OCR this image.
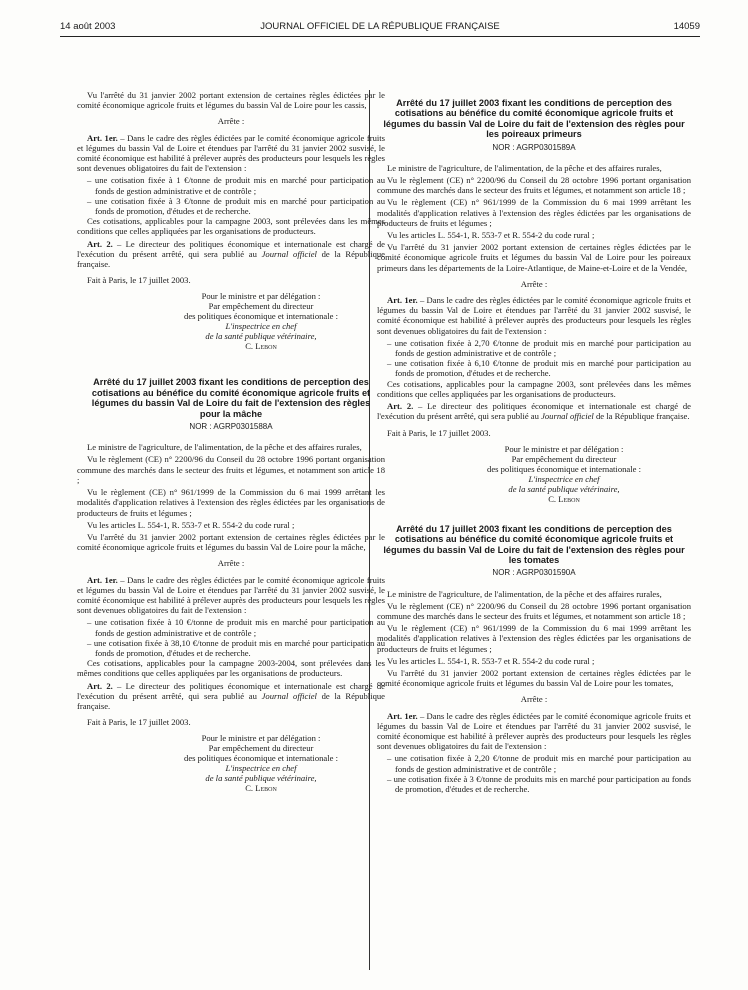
14 août 2003	JOURNAL OFFICIEL DE LA RÉPUBLIQUE FRANÇAISE	14059

Vu l'arrêté du 31 janvier 2002 portant extension de certaines règles édictées par le comité économique agricole fruits et légumes du bassin Val de Loire pour les cassis,

Arrête :

Art. 1er. – Dans le cadre des règles édictées par le comité économique agricole fruits et légumes du bassin Val de Loire et étendues par l'arrêté du 31 janvier 2002 susvisé, le comité économique est habilité à prélever auprès des producteurs pour lesquels les règles sont devenues obligatoires du fait de l'extension :

– une cotisation fixée à 1 €/tonne de produit mis en marché pour participation au fonds de gestion administrative et de contrôle ;

– une cotisation fixée à 3 €/tonne de produit mis en marché pour participation au fonds de promotion, d'études et de recherche.

Ces cotisations, applicables pour la campagne 2003, sont prélevées dans les mêmes conditions que celles appliquées par les organisations de producteurs.

Art. 2. – Le directeur des politiques économique et internationale est chargé de l'exécution du présent arrêté, qui sera publié au Journal officiel de la République française.

Fait à Paris, le 17 juillet 2003.

Pour le ministre et par délégation :
Par empêchement du directeur
des politiques économique et internationale :
L'inspectrice en chef
de la santé publique vétérinaire,
C. Lebon
Arrêté du 17 juillet 2003 fixant les conditions de perception des cotisations au bénéfice du comité économique agricole fruits et légumes du bassin Val de Loire du fait de l'extension des règles pour la mâche
NOR : AGRP0301588A

Le ministre de l'agriculture, de l'alimentation, de la pêche et des affaires rurales,

Vu le règlement (CE) n° 2200/96 du Conseil du 28 octobre 1996 portant organisation commune des marchés dans le secteur des fruits et légumes, et notamment son article 18 ;

Vu le règlement (CE) n° 961/1999 de la Commission du 6 mai 1999 arrêtant les modalités d'application relatives à l'extension des règles édictées par les organisations de producteurs de fruits et légumes ;

Vu les articles L. 554-1, R. 553-7 et R. 554-2 du code rural ;

Vu l'arrêté du 31 janvier 2002 portant extension de certaines règles édictées par le comité économique agricole fruits et légumes du bassin Val de Loire pour la mâche,

Arrête :

Art. 1er. – Dans le cadre des règles édictées par le comité économique agricole fruits et légumes du bassin Val de Loire et étendues par l'arrêté du 31 janvier 2002 susvisé, le comité économique est habilité à prélever auprès des producteurs pour lesquels les règles sont devenues obligatoires du fait de l'extension :

– une cotisation fixée à 10 €/tonne de produit mis en marché pour participation au fonds de gestion administrative et de contrôle ;

– une cotisation fixée à 38,10 €/tonne de produit mis en marché pour participation au fonds de promotion, d'études et de recherche.

Ces cotisations, applicables pour la campagne 2003-2004, sont prélevées dans les mêmes conditions que celles appliquées par les organisations de producteurs.

Art. 2. – Le directeur des politiques économique et internationale est chargé de l'exécution du présent arrêté, qui sera publié au Journal officiel de la République française.

Fait à Paris, le 17 juillet 2003.

Pour le ministre et par délégation :
Par empêchement du directeur
des politiques économique et internationale :
L'inspectrice en chef
de la santé publique vétérinaire,
C. Lebon
Arrêté du 17 juillet 2003 fixant les conditions de perception des cotisations au bénéfice du comité économique agricole fruits et légumes du bassin Val de Loire du fait de l'extension des règles pour les poireaux primeurs
NOR : AGRP0301589A

Le ministre de l'agriculture, de l'alimentation, de la pêche et des affaires rurales,

Vu le règlement (CE) n° 2200/96 du Conseil du 28 octobre 1996 portant organisation commune des marchés dans le secteur des fruits et légumes, et notamment son article 18 ;

Vu le règlement (CE) n° 961/1999 de la Commission du 6 mai 1999 arrêtant les modalités d'application relatives à l'extension des règles édictées par les organisations de producteurs de fruits et légumes ;

Vu les articles L. 554-1, R. 553-7 et R. 554-2 du code rural ;

Vu l'arrêté du 31 janvier 2002 portant extension de certaines règles édictées par le comité économique agricole fruits et légumes du bassin Val de Loire pour les poireaux primeurs dans les départements de la Loire-Atlantique, de Maine-et-Loire et de la Vendée,

Arrête :

Art. 1er. – Dans le cadre des règles édictées par le comité économique agricole fruits et légumes du bassin Val de Loire et étendues par l'arrêté du 31 janvier 2002 susvisé, le comité économique est habilité à prélever auprès des producteurs pour lesquels les règles sont devenues obligatoires du fait de l'extension :

– une cotisation fixée à 2,70 €/tonne de produit mis en marché pour participation au fonds de gestion administrative et de contrôle ;

– une cotisation fixée à 6,10 €/tonne de produit mis en marché pour participation au fonds de promotion, d'études et de recherche.

Ces cotisations, applicables pour la campagne 2003, sont prélevées dans les mêmes conditions que celles appliquées par les organisations de producteurs.

Art. 2. – Le directeur des politiques économique et internationale est chargé de l'exécution du présent arrêté, qui sera publié au Journal officiel de la République française.

Fait à Paris, le 17 juillet 2003.

Pour le ministre et par délégation :
Par empêchement du directeur
des politiques économique et internationale :
L'inspectrice en chef
de la santé publique vétérinaire,
C. Lebon
Arrêté du 17 juillet 2003 fixant les conditions de perception des cotisations au bénéfice du comité économique agricole fruits et légumes du bassin Val de Loire du fait de l'extension des règles pour les tomates
NOR : AGRP0301590A

Le ministre de l'agriculture, de l'alimentation, de la pêche et des affaires rurales,

Vu le règlement (CE) n° 2200/96 du Conseil du 28 octobre 1996 portant organisation commune des marchés dans le secteur des fruits et légumes, et notamment son article 18 ;

Vu le règlement (CE) n° 961/1999 de la Commission du 6 mai 1999 arrêtant les modalités d'application relatives à l'extension des règles édictées par les organisations de producteurs de fruits et légumes ;

Vu les articles L. 554-1, R. 553-7 et R. 554-2 du code rural ;

Vu l'arrêté du 31 janvier 2002 portant extension de certaines règles édictées par le comité économique agricole fruits et légumes du bassin Val de Loire pour les tomates,

Arrête :

Art. 1er. – Dans le cadre des règles édictées par le comité économique agricole fruits et légumes du bassin Val de Loire et étendues par l'arrêté du 31 janvier 2002 susvisé, le comité économique est habilité à prélever auprès des producteurs pour lesquels les règles sont devenues obligatoires du fait de l'extension :

– une cotisation fixée à 2,20 €/tonne de produit mis en marché pour participation au fonds de gestion administrative et de contrôle ;

– une cotisation fixée à 3 €/tonne de produits mis en marché pour participation au fonds de promotion, d'études et de recherche.
